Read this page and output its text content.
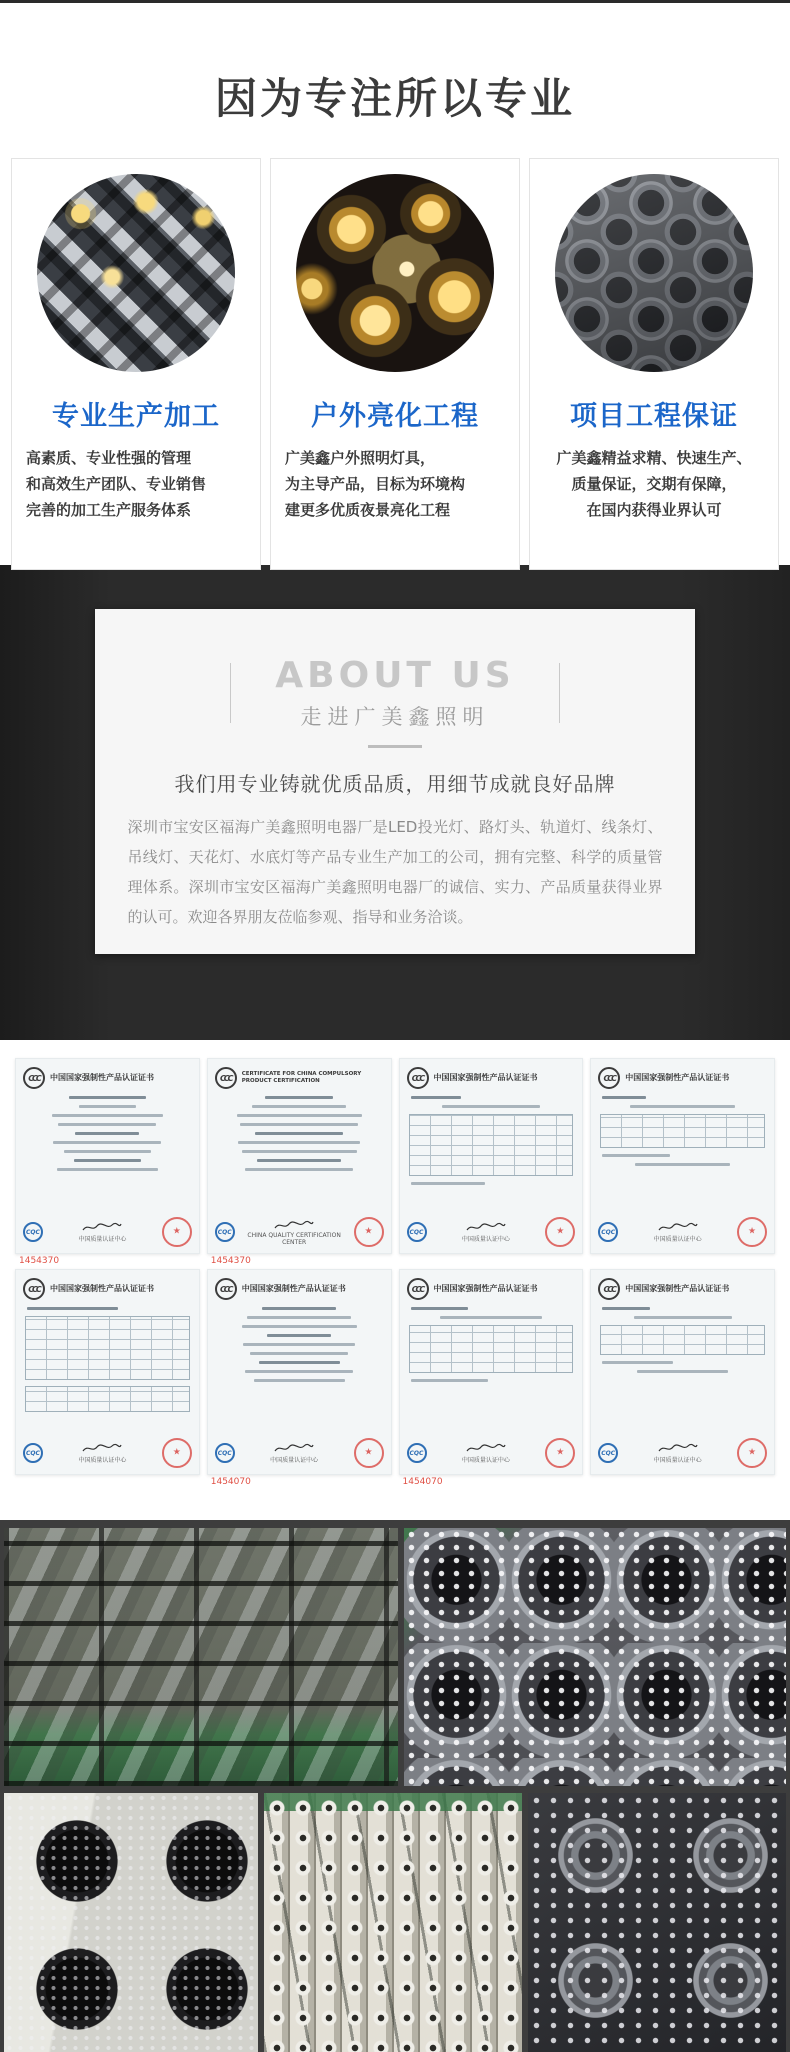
因为专注所以专业
专业生产加工
高素质、专业性强的管理
和高效生产团队、专业销售
完善的加工生产服务体系
户外亮化工程
广美鑫户外照明灯具，
为主导产品，目标为环境构
建更多优质夜景亮化工程
项目工程保证
广美鑫精益求精、快速生产、
质量保证，交期有保障，
在国内获得业界认可
ABOUT US
走进广美鑫照明
我们用专业铸就优质品质，用细节成就良好品牌

深圳市宝安区福海广美鑫照明电器厂是LED投光灯、路灯头、轨道灯、线条灯、吊线灯、天花灯、水底灯等产品专业生产加工的公司，拥有完整、科学的质量管理体系。深圳市宝安区福海广美鑫照明电器厂的诚信、实力、产品质量获得业界的认可。欢迎各界朋友莅临参观、指导和业务洽谈。

CCC 中国国家强制性产品认证证书
CQC
中国质量认证中心
★
1454370
CCC CERTIFICATE FOR CHINA COMPULSORY PRODUCT CERTIFICATION
CQC	CHINA QUALITY CERTIFICATION CENTER
★
1454370
CCC 中国国家强制性产品认证证书
CQC
中国质量认证中心
★
CCC 中国国家强制性产品认证证书
CQC
中国质量认证中心
★
CCC 中国国家强制性产品认证证书
CQC
中国质量认证中心
★
CCC 中国国家强制性产品认证证书
CQC
中国质量认证中心
★
1454070
CCC 中国国家强制性产品认证证书
CQC
中国质量认证中心
★
1454070
CCC 中国国家强制性产品认证证书
CQC
中国质量认证中心
★
